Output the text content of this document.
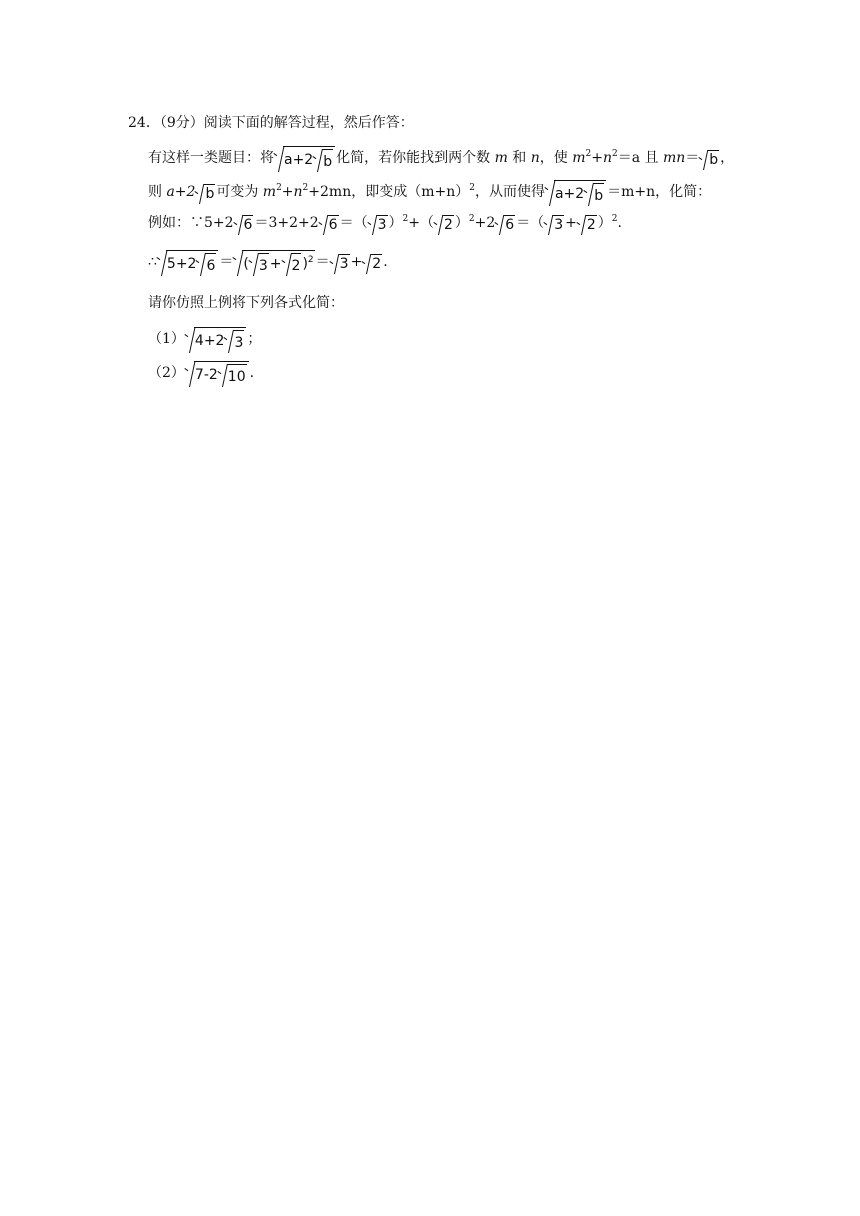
24．（9分）阅读下面的解答过程，然后作答：
有这样一类题目：将 a+2 b 化简，若你能找到两个数 m 和 n，使 $m^2+n^2=a$ 且 mn＝ b ，
则 a+2 b 可变为 $m^2+n^2+2mn$，即变成$(m+n)^2$，从而使得 a+2 b ＝m+n，化简：
例如：∵5+2 6 ＝3+2+2 6 ＝（ 3 ）$^2$+（ 2 ）$^2$+2 6 ＝（ 3 + 2 ）$^2$.
∴ 5+2 6 ＝ ( 3 + 2 )$^2$ ＝ 3 + 2 .
请你仿照上例将下列各式化简：
（1） 4+2 3 ；
（2） 7-2 10 .
